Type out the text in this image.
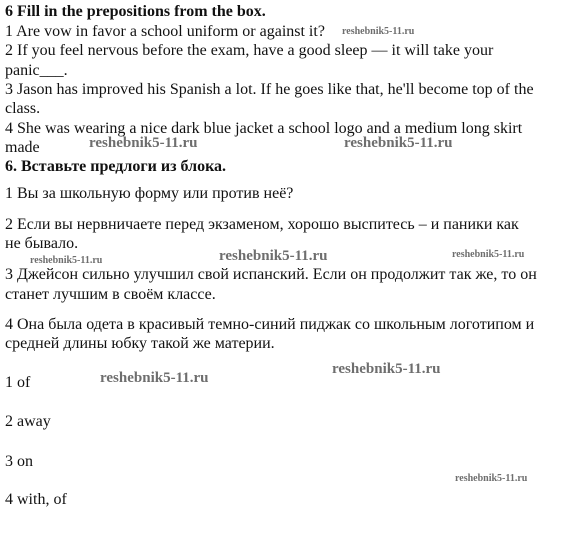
6 Fill in the prepositions from the box.
1 Are vow in favor a school uniform or against it?
2 If you feel nervous before the exam, have a good sleep — it will take your
panic___.
3 Jason has improved his Spanish a lot. If he goes like that, he'll become top of the
class.
4 She was wearing a nice dark blue jacket a school logo and a medium long skirt
made
6. Вставьте предлоги из блока.
1 Вы за школьную форму или против неё?
2 Если вы нервничаете перед экзаменом, хорошо выспитесь – и паники как
не бывало.
3 Джейсон сильно улучшил свой испанский. Если он продолжит так же, то он
станет лучшим в своём классе.
4 Она была одета в красивый темно-синий пиджак со школьным логотипом и
средней длины юбку такой же материи.
1 of
2 away
3 on
4 with, of
reshebnik5-11.ru
reshebnik5-11.ru	reshebnik5-11.ru
reshebnik5-11.ru	reshebnik5-11.ru	reshebnik5-11.ru
reshebnik5-11.ru
reshebnik5-11.ru
reshebnik5-11.ru
